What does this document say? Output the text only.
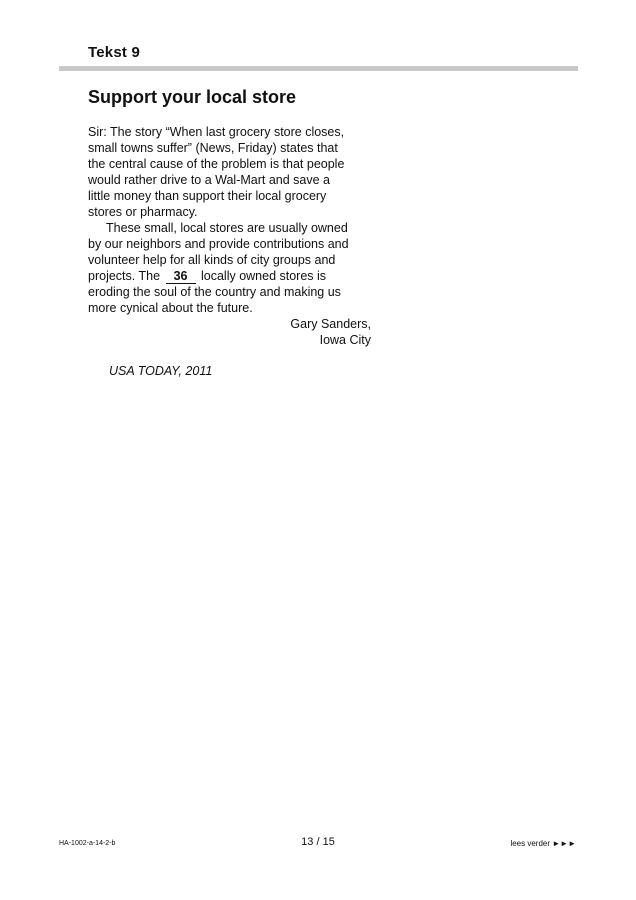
Tekst 9
Support your local store
Sir: The story “When last grocery store closes,
small towns suffer” (News, Friday) states that
the central cause of the problem is that people
would rather drive to a Wal-Mart and save a
little money than support their local grocery
stores or pharmacy.
These small, local stores are usually owned
by our neighbors and provide contributions and
volunteer help for all kinds of city groups and
projects. The 36 locally owned stores is
eroding the soul of the country and making us
more cynical about the future.
Gary Sanders,
Iowa City
USA TODAY, 2011
HA-1002-a-14-2-b	13 / 15	lees verder ►►►
